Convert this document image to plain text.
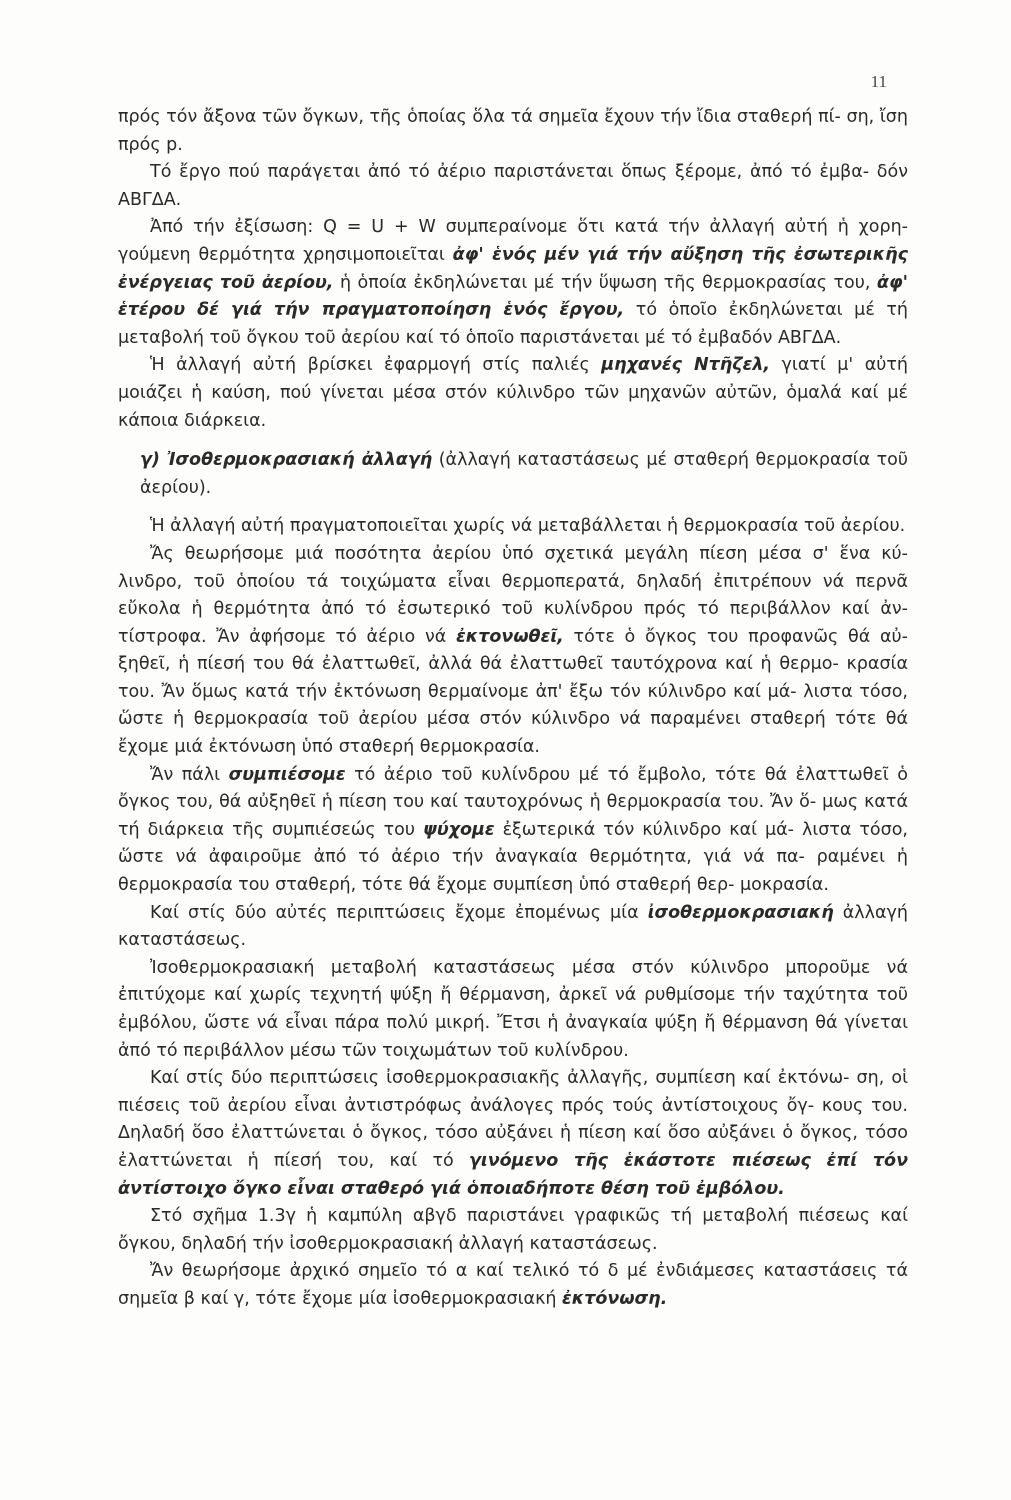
11

πρός τόν ἄξονα τῶν ὄγκων, τῆς ὁποίας ὅλα τά σημεῖα ἔχουν τήν ἴδια σταθερή πί- ση, ἴση πρός p.

Τό ἔργο πού παράγεται ἀπό τό ἀέριο παριστάνεται ὅπως ξέρομε, ἀπό τό ἐμβα- δόν ΑΒΓΔΑ.

Ἀπό τήν ἐξίσωση: Q = U + W συμπεραίνομε ὅτι κατά τήν ἀλλαγή αὐτή ἡ χορη- γούμενη θερμότητα χρησιμοποιεῖται ἀφ' ἑνός μέν γιά τήν αὔξηση τῆς ἐσωτερικῆς ἐνέργειας τοῦ ἀερίου, ἡ ὁποία ἐκδηλώνεται μέ τήν ὕψωση τῆς θερμοκρασίας του, ἀφ' ἑτέρου δέ γιά τήν πραγματοποίηση ἑνός ἔργου, τό ὁποῖο ἐκδηλώνεται μέ τή μεταβολή τοῦ ὄγκου τοῦ ἀερίου καί τό ὁποῖο παριστάνεται μέ τό ἐμβαδόν ΑΒΓΔΑ.

Ἡ ἀλλαγή αὐτή βρίσκει ἐφαρμογή στίς παλιές μηχανές Ντῆζελ, γιατί μ' αὐτή μοιάζει ἡ καύση, πού γίνεται μέσα στόν κύλινδρο τῶν μηχανῶν αὐτῶν, ὁμαλά καί μέ κάποια διάρκεια.

γ) Ἰσοθερμοκρασιακή ἀλλαγή (ἀλλαγή καταστάσεως μέ σταθερή θερμοκρασία τοῦ ἀερίου).

Ἡ ἀλλαγή αὐτή πραγματοποιεῖται χωρίς νά μεταβάλλεται ἡ θερμοκρασία τοῦ ἀερίου.

Ἄς θεωρήσομε μιά ποσότητα ἀερίου ὑπό σχετικά μεγάλη πίεση μέσα σ' ἕνα κύ- λινδρο, τοῦ ὁποίου τά τοιχώματα εἶναι θερμοπερατά, δηλαδή ἐπιτρέπουν νά περνᾶ εὔκολα ἡ θερμότητα ἀπό τό ἐσωτερικό τοῦ κυλίνδρου πρός τό περιβάλλον καί ἀν- τίστροφα. Ἄν ἀφήσομε τό ἀέριο νά ἐκτονωθεῖ, τότε ὁ ὄγκος του προφανῶς θά αὐ- ξηθεῖ, ἡ πίεσή του θά ἐλαττωθεῖ, ἀλλά θά ἐλαττωθεῖ ταυτόχρονα καί ἡ θερμο- κρασία του. Ἄν ὅμως κατά τήν ἐκτόνωση θερμαίνομε ἀπ' ἔξω τόν κύλινδρο καί μά- λιστα τόσο, ὥστε ἡ θερμοκρασία τοῦ ἀερίου μέσα στόν κύλινδρο νά παραμένει σταθερή τότε θά ἔχομε μιά ἐκτόνωση ὑπό σταθερή θερμοκρασία.

Ἄν πάλι συμπιέσομε τό ἀέριο τοῦ κυλίνδρου μέ τό ἔμβολο, τότε θά ἐλαττωθεῖ ὁ ὄγκος του, θά αὐξηθεῖ ἡ πίεση του καί ταυτοχρόνως ἡ θερμοκρασία του. Ἄν ὅ- μως κατά τή διάρκεια τῆς συμπιέσεώς του ψύχομε ἐξωτερικά τόν κύλινδρο καί μά- λιστα τόσο, ὥστε νά ἀφαιροῦμε ἀπό τό ἀέριο τήν ἀναγκαία θερμότητα, γιά νά πα- ραμένει ἡ θερμοκρασία του σταθερή, τότε θά ἔχομε συμπίεση ὑπό σταθερή θερ- μοκρασία.

Καί στίς δύο αὐτές περιπτώσεις ἔχομε ἐπομένως μία ἰσοθερμοκρασιακή ἀλλαγή καταστάσεως.

Ἰσοθερμοκρασιακή μεταβολή καταστάσεως μέσα στόν κύλινδρο μποροῦμε νά ἐπιτύχομε καί χωρίς τεχνητή ψύξη ἤ θέρμανση, ἀρκεῖ νά ρυθμίσομε τήν ταχύτητα τοῦ ἐμβόλου, ὥστε νά εἶναι πάρα πολύ μικρή. Ἔτσι ἡ ἀναγκαία ψύξη ἤ θέρμανση θά γίνεται ἀπό τό περιβάλλον μέσω τῶν τοιχωμάτων τοῦ κυλίνδρου.

Καί στίς δύο περιπτώσεις ἰσοθερμοκρασιακῆς ἀλλαγῆς, συμπίεση καί ἐκτόνω- ση, οἱ πιέσεις τοῦ ἀερίου εἶναι ἀντιστρόφως ἀνάλογες πρός τούς ἀντίστοιχους ὄγ- κους του. Δηλαδή ὅσο ἐλαττώνεται ὁ ὄγκος, τόσο αὐξάνει ἡ πίεση καί ὅσο αὐξάνει ὁ ὄγκος, τόσο ἐλαττώνεται ἡ πίεσή του, καί τό γινόμενο τῆς ἑκάστοτε πιέσεως ἐπί τόν ἀντίστοιχο ὄγκο εἶναι σταθερό γιά ὁποιαδήποτε θέση τοῦ ἐμβόλου.

Στό σχῆμα 1.3γ ἡ καμπύλη αβγδ παριστάνει γραφικῶς τή μεταβολή πιέσεως καί ὄγκου, δηλαδή τήν ἰσοθερμοκρασιακή ἀλλαγή καταστάσεως.

Ἄν θεωρήσομε ἀρχικό σημεῖο τό α καί τελικό τό δ μέ ἐνδιάμεσες καταστάσεις τά σημεῖα β καί γ, τότε ἔχομε μία ἰσοθερμοκρασιακή ἐκτόνωση.
